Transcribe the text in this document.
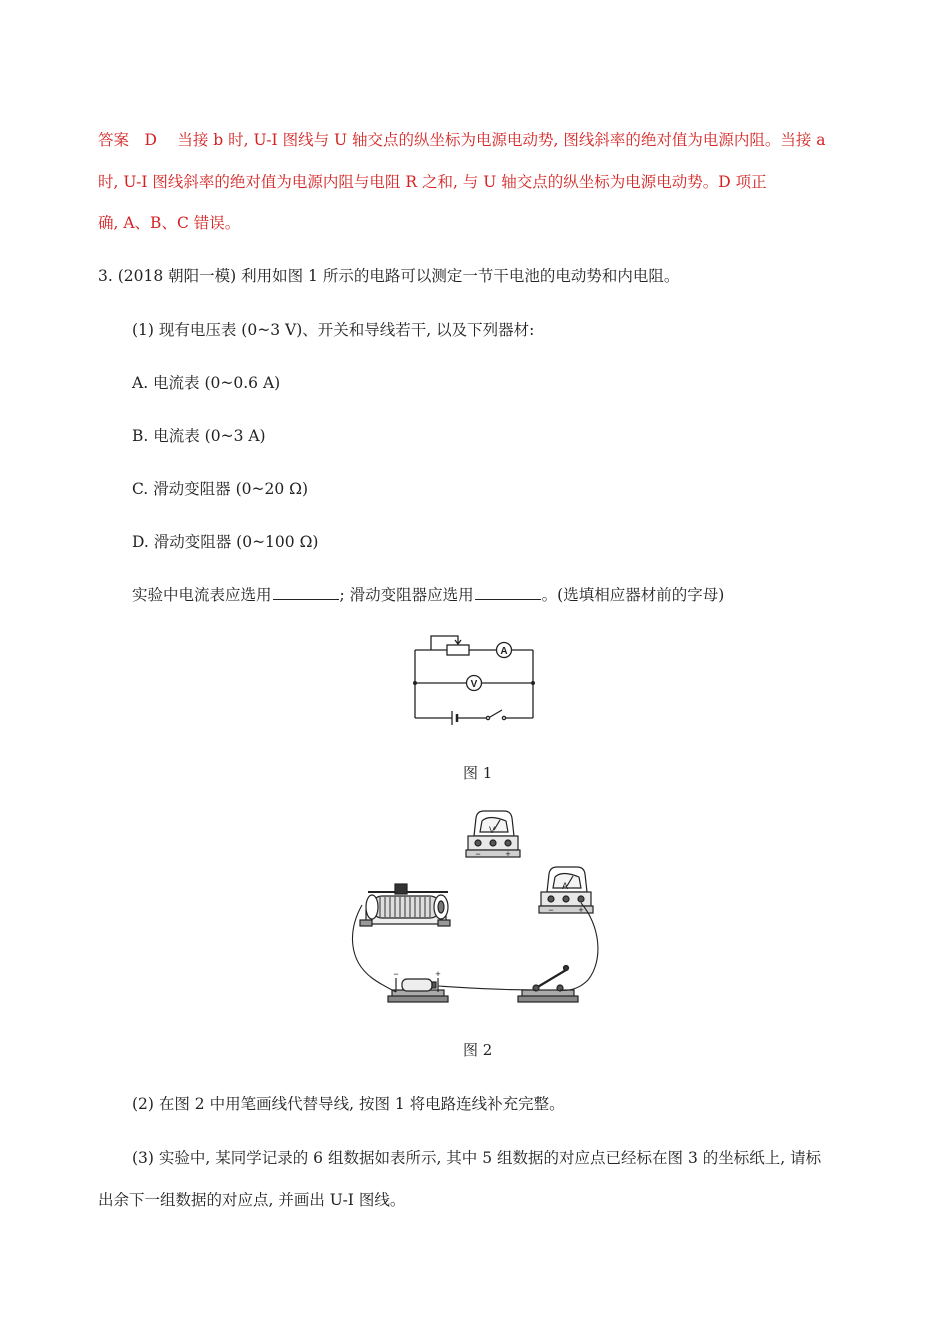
答案　D　 当接 b 时, U-I 图线与 U 轴交点的纵坐标为电源电动势, 图线斜率的绝对值为电源内阻。当接 a
时, U-I 图线斜率的绝对值为电源内阻与电阻 R 之和, 与 U 轴交点的纵坐标为电源电动势。D 项正
确, A、B、C 错误。
3. (2018 朝阳一模) 利用如图 1 所示的电路可以测定一节干电池的电动势和内电阻。
(1) 现有电压表 (0~3 V)、开关和导线若干, 以及下列器材:
A. 电流表 (0~0.6 A)
B. 电流表 (0~3 A)
C. 滑动变阻器 (0~20 Ω)
D. 滑动变阻器 (0~100 Ω)
实验中电流表应选用	; 滑动变阻器应选用	。(选填相应器材前的字母)
A
V
图 1
V
−	+
A
−	+
−	+
图 2
(2) 在图 2 中用笔画线代替导线, 按图 1 将电路连线补充完整。
(3) 实验中, 某同学记录的 6 组数据如表所示, 其中 5 组数据的对应点已经标在图 3 的坐标纸上, 请标
出余下一组数据的对应点, 并画出 U-I 图线。
